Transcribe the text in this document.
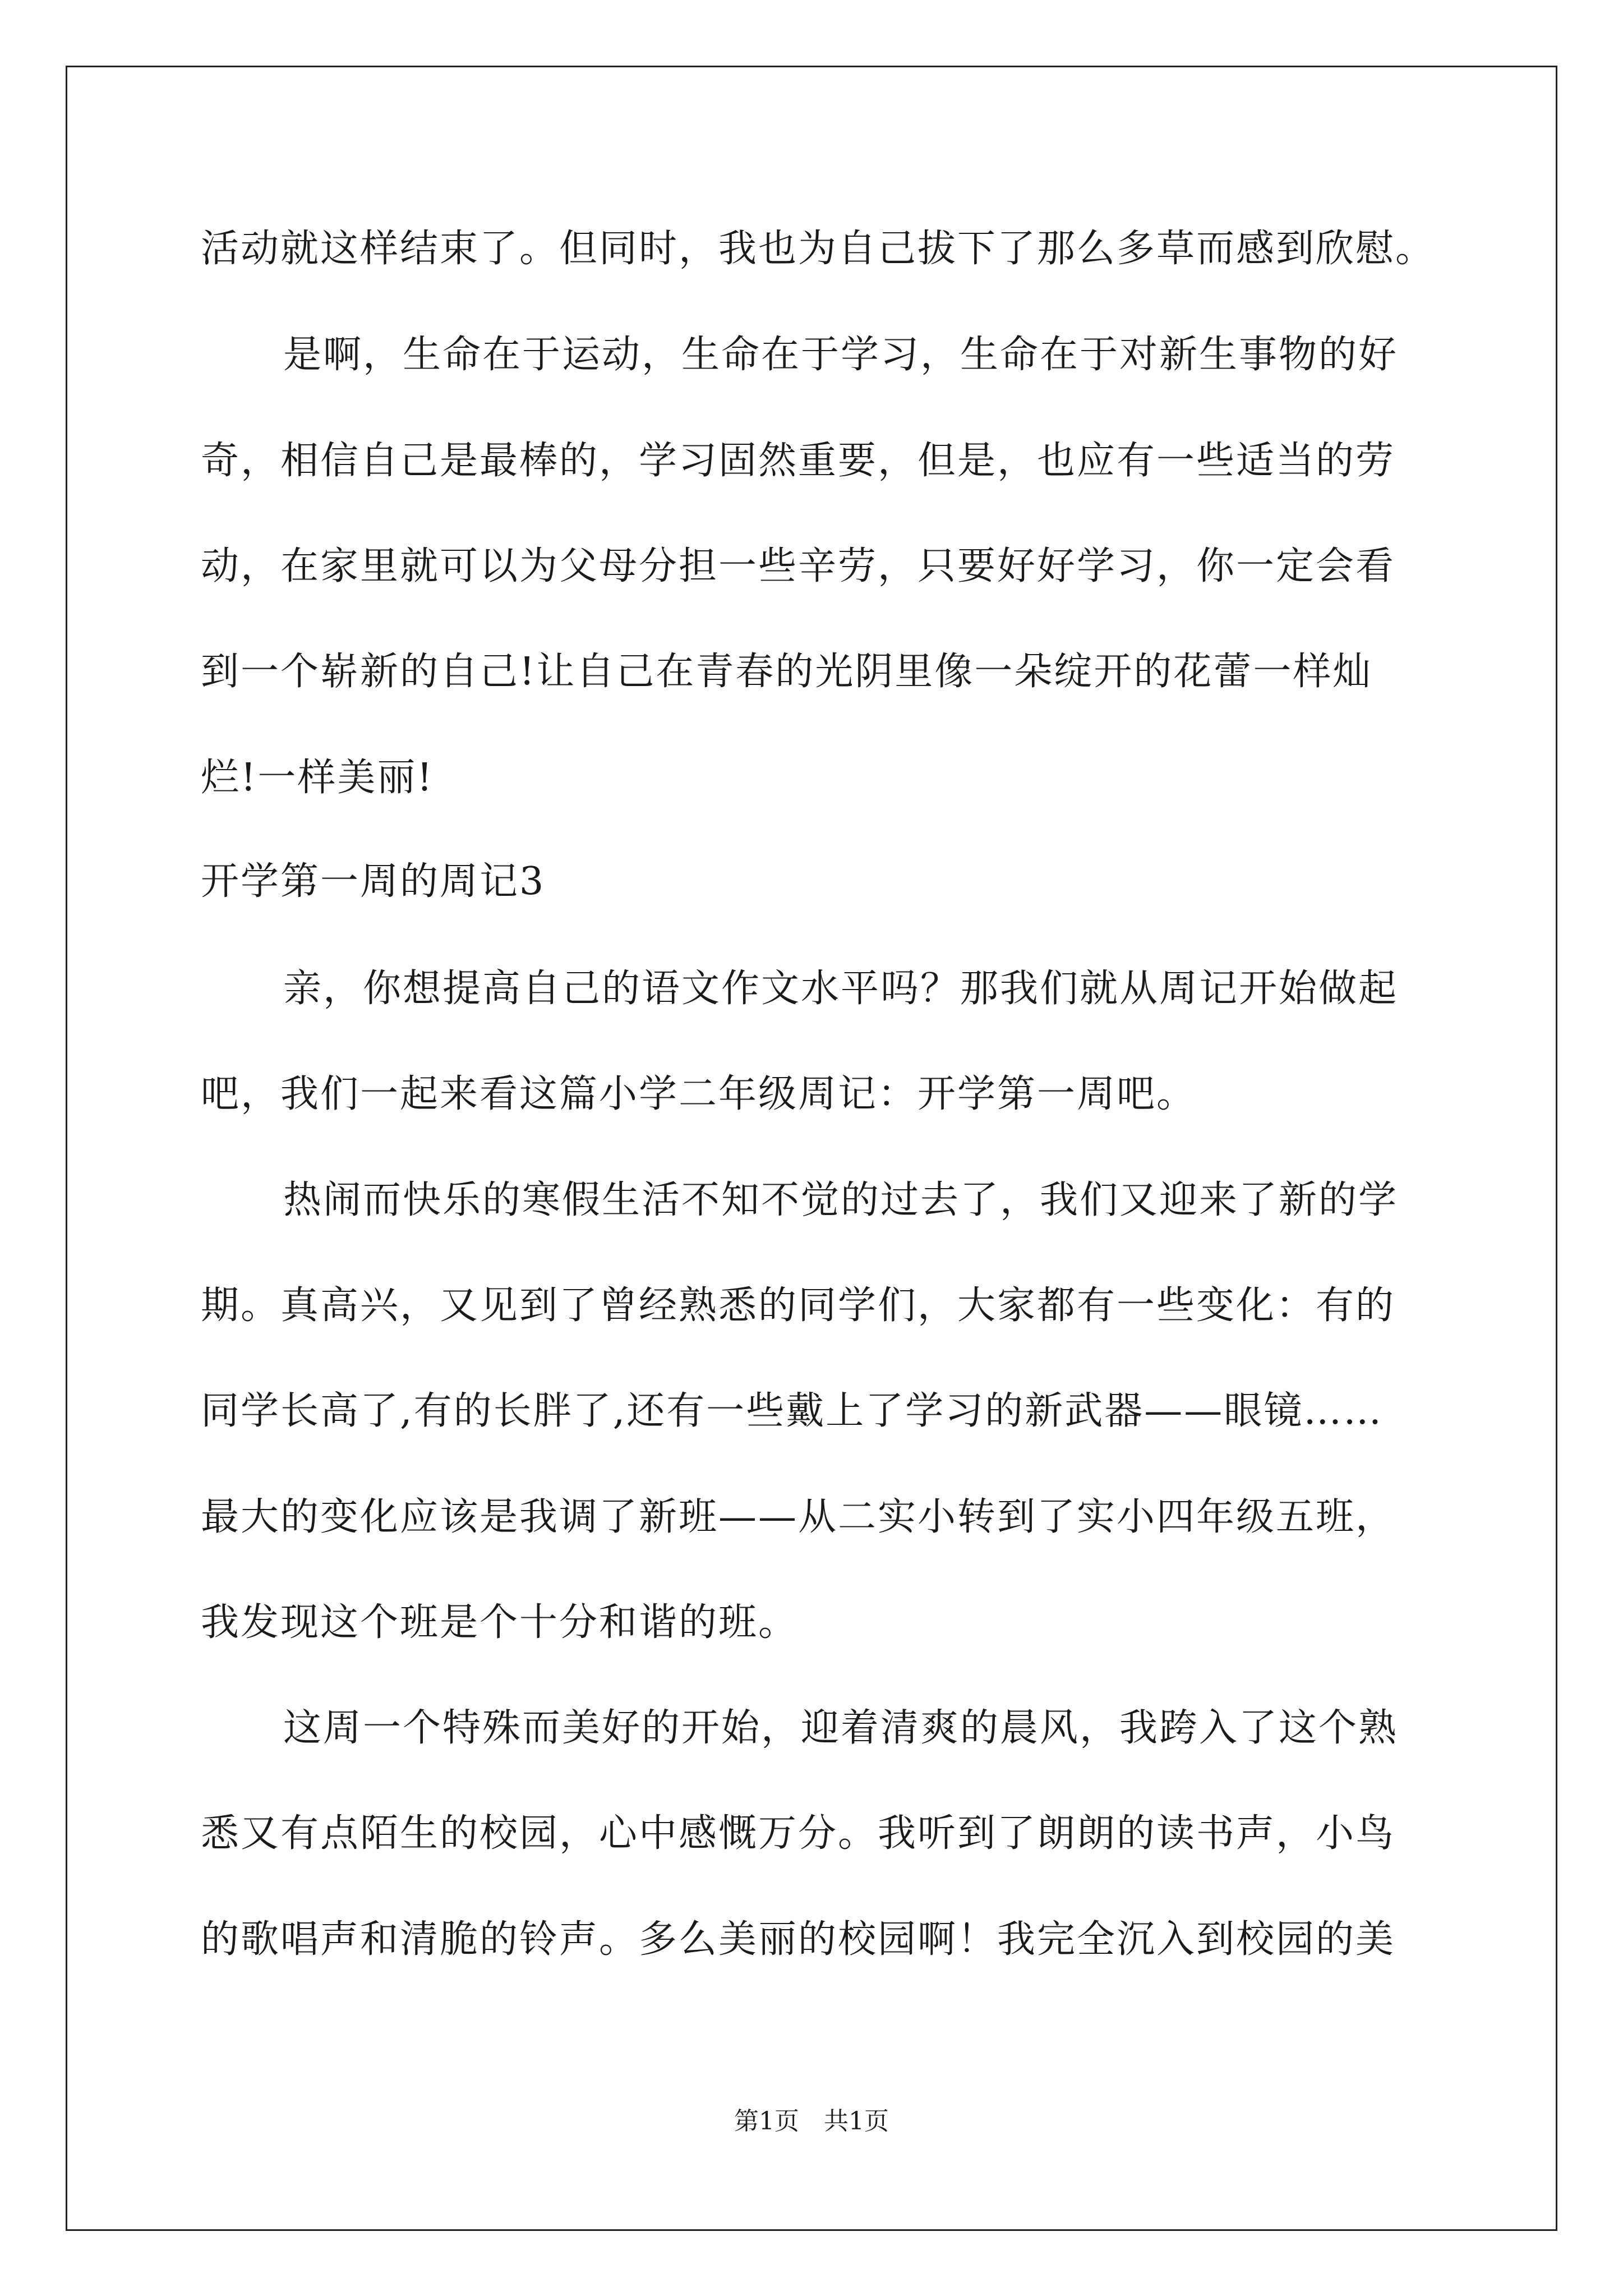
活动就这样结束了。但同时，我也为自己拔下了那么多草而感到欣慰。
是啊，生命在于运动，生命在于学习，生命在于对新生事物的好
奇，相信自己是最棒的，学习固然重要，但是，也应有一些适当的劳
动，在家里就可以为父母分担一些辛劳，只要好好学习，你一定会看
到一个崭新的自己!让自己在青春的光阴里像一朵绽开的花蕾一样灿
烂!一样美丽!
开学第一周的周记3
亲，你想提高自己的语文作文水平吗？那我们就从周记开始做起
吧，我们一起来看这篇小学二年级周记：开学第一周吧。
热闹而快乐的寒假生活不知不觉的过去了，我们又迎来了新的学
期。真高兴，又见到了曾经熟悉的同学们，大家都有一些变化：有的
同学长高了,有的长胖了,还有一些戴上了学习的新武器——眼镜……
最大的变化应该是我调了新班——从二实小转到了实小四年级五班，
我发现这个班是个十分和谐的班。
这周一个特殊而美好的开始，迎着清爽的晨风，我跨入了这个熟
悉又有点陌生的校园，心中感慨万分。我听到了朗朗的读书声，小鸟
的歌唱声和清脆的铃声。多么美丽的校园啊！我完全沉入到校园的美
第1页 共1页
